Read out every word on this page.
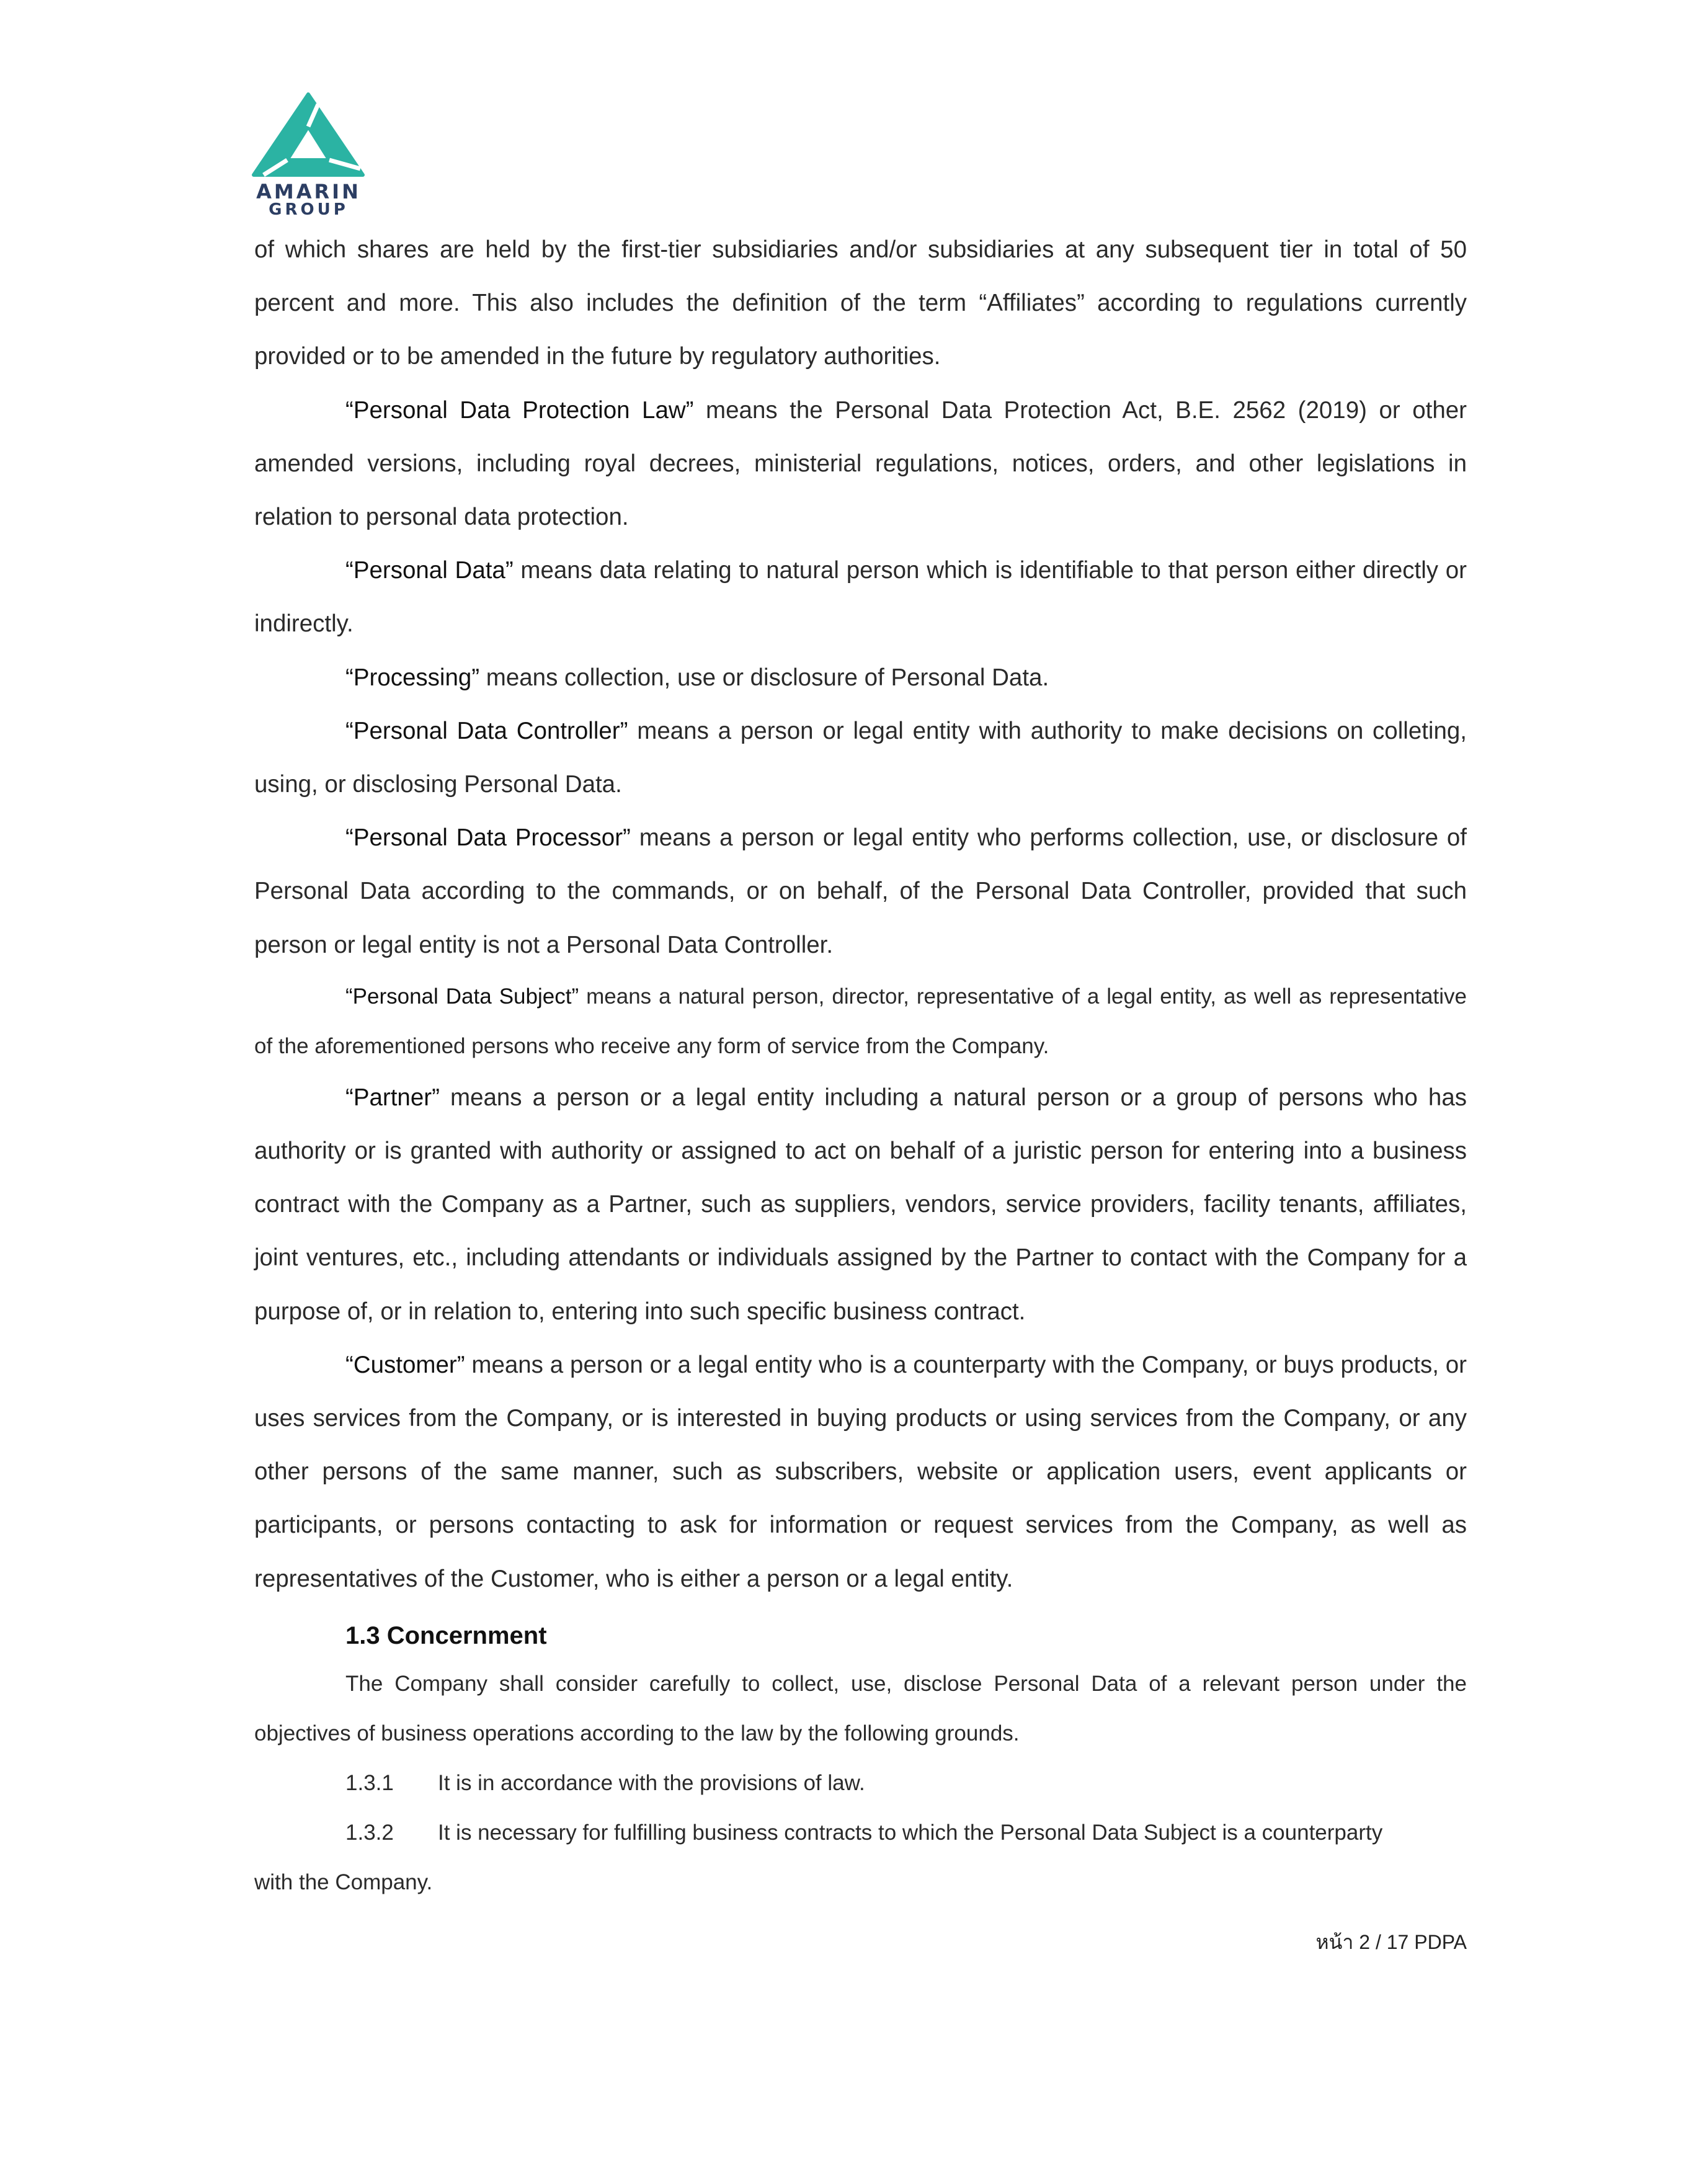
AMARIN
GROUP

of which shares are held by the first-tier subsidiaries and/or subsidiaries at any subsequent tier in total of 50 percent and more. This also includes the definition of the term “Affiliates” according to regulations currently provided or to be amended in the future by regulatory authorities.

“Personal Data Protection Law” means the Personal Data Protection Act, B.E. 2562 (2019) or other amended versions, including royal decrees, ministerial regulations, notices, orders, and other legislations in relation to personal data protection.

“Personal Data” means data relating to natural person which is identifiable to that person either directly or indirectly.

“Processing” means collection, use or disclosure of Personal Data.

“Personal Data Controller” means a person or legal entity with authority to make decisions on colleting, using, or disclosing Personal Data.

“Personal Data Processor” means a person or legal entity who performs collection, use, or disclosure of Personal Data according to the commands, or on behalf, of the Personal Data Controller, provided that such person or legal entity is not a Personal Data Controller.

“Personal Data Subject” means a natural person, director, representative of a legal entity, as well as representative of the aforementioned persons who receive any form of service from the Company.

“Partner” means a person or a legal entity including a natural person or a group of persons who has authority or is granted with authority or assigned to act on behalf of a juristic person for entering into a business contract with the Company as a Partner, such as suppliers, vendors, service providers, facility tenants, affiliates, joint ventures, etc., including attendants or individuals assigned by the Partner to contact with the Company for a purpose of, or in relation to, entering into such specific business contract.

“Customer” means a person or a legal entity who is a counterparty with the Company, or buys products, or uses services from the Company, or is interested in buying products or using services from the Company, or any other persons of the same manner, such as subscribers, website or application users, event applicants or participants, or persons contacting to ask for information or request services from the Company, as well as representatives of the Customer, who is either a person or a legal entity.

1.3 Concernment

The Company shall consider carefully to collect, use, disclose Personal Data of a relevant person under the objectives of business operations according to the law by the following grounds.

1.3.1	It is in accordance with the provisions of law.
1.3.2	It is necessary for fulfilling business contracts to which the Personal Data Subject is a counterparty
with the Company.
หน้า 2 / 17 PDPA
